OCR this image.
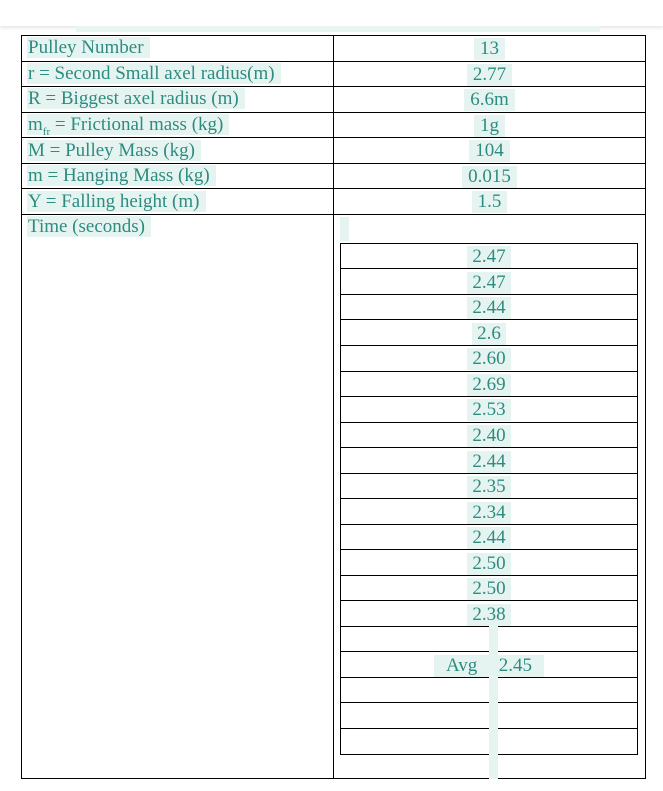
Pulley Number
r = Second Small axel radius(m)
R = Biggest axel radius (m)
$m_{fr}$ = Frictional mass (kg)
M = Pulley Mass (kg)
m = Hanging Mass (kg)
Y = Falling height (m)
Time (seconds)
13
2.77
6.6m
1g
104
0.015
1.5
2.47
2.47
2.44
2.6
2.60
2.69
2.53
2.40
2.44
2.35
2.34
2.44
2.50
2.50
2.38
Avg 2.45
